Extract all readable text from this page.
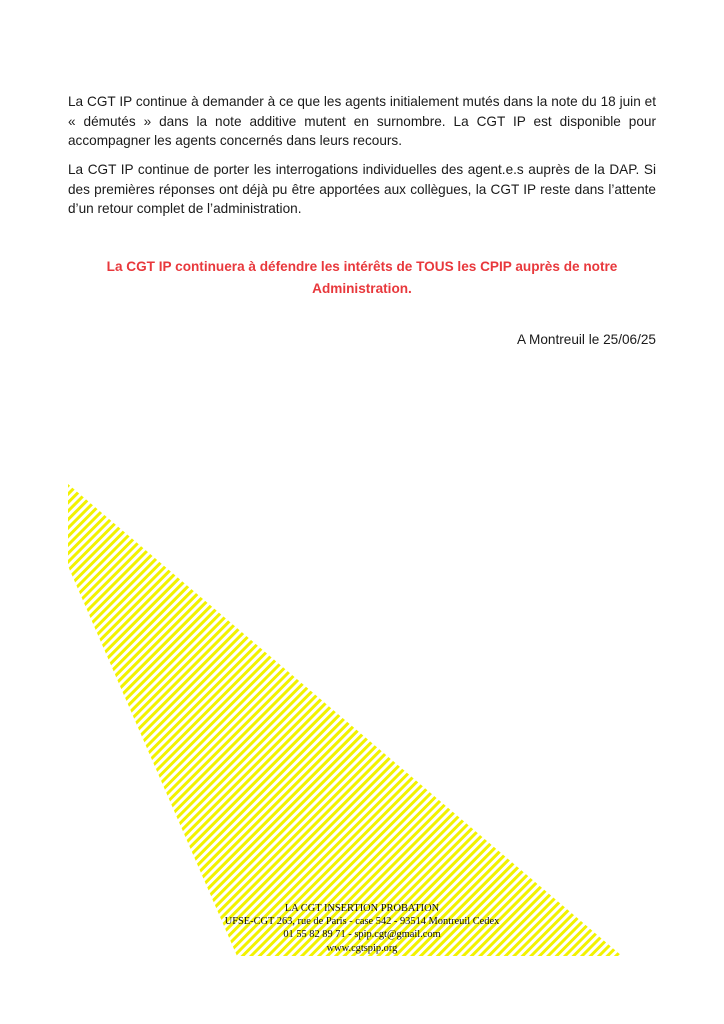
La CGT IP continue à demander à ce que les agents initialement mutés dans la note du 18 juin et « démutés » dans la note additive mutent en surnombre. La CGT IP est disponible pour accompagner les agents concernés dans leurs recours.

La CGT IP continue de porter les interrogations individuelles des agent.e.s auprès de la DAP. Si des premières réponses ont déjà pu être apportées aux collègues, la CGT IP reste dans l’attente d’un retour complet de l’administration.

La CGT IP continuera à défendre les intérêts de TOUS les CPIP auprès de notre Administration.

A Montreuil le 25/06/25

LA CGT INSERTION PROBATION
UFSE-CGT 263, rue de Paris - case 542 - 93514 Montreuil Cedex
01 55 82 89 71 - spip.cgt@gmail.com
www.cgtspip.org
